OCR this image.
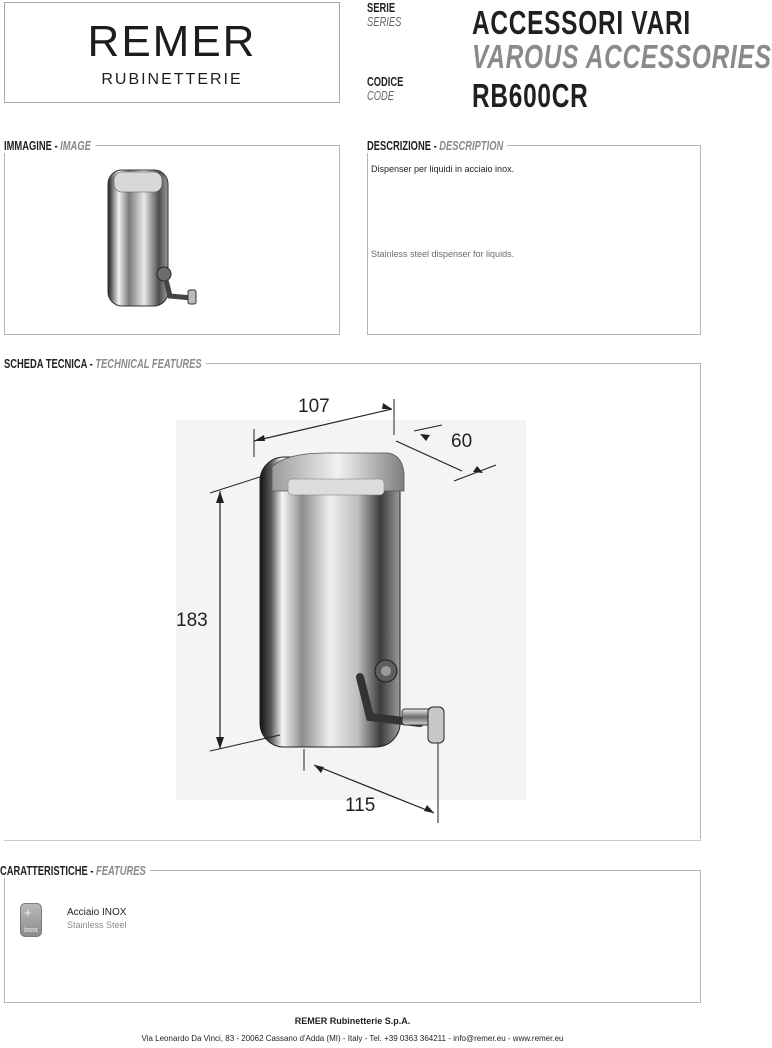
REMER
RUBINETTERIE
SERIE
SERIES ACCESSORI VARI
VAROUS ACCESSORIES
CODICE
CODE RB600CR
IMMAGINE - IMAGE	DESCRIZIONE - DESCRIPTION
Dispenser per liquidi in acciaio inox.
Stainless steel dispenser for liquids.
SCHEDA TECNICA - TECHNICAL FEATURES
107
60
183
115
CARATTERISTICHE - FEATURES
+
inox
Acciaio INOX
Stainless Steel
REMER Rubinetterie S.p.A.
Via Leonardo Da Vinci, 83 - 20062 Cassano d'Adda (MI) - Italy - Tel. +39 0363 364211 - info@remer.eu - www.remer.eu
